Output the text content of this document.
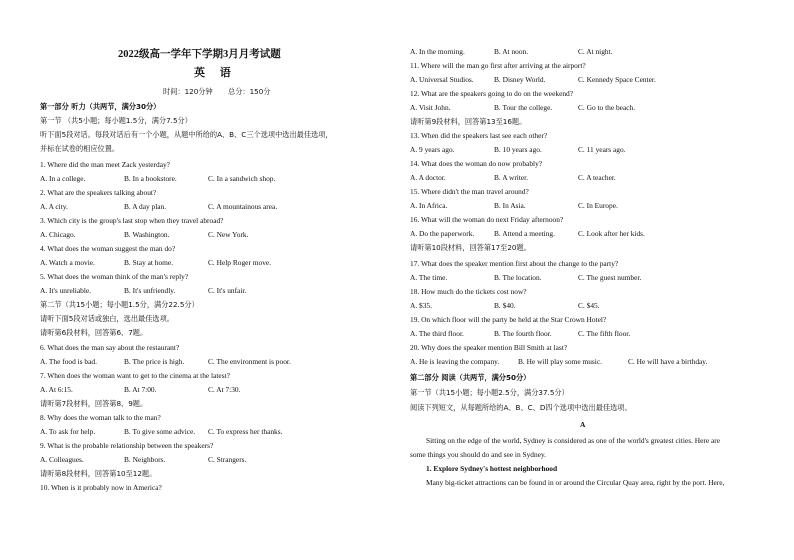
2022级高一学年下学期3月月考试题
英 语
时间：120分钟 总分：150分
第一部分 听力（共两节，满分30分）
第一节 （共5小题；每小题1.5分，满分7.5分）
听下面5段对话。每段对话后有一个小题，从题中所给的A、B、C三个选项中选出最佳选项，
并标在试卷的相应位置。
1. Where did the man meet Zack yesterday?
A. In a college.	B. In a bookstore.	C. In a sandwich shop.
2. What are the speakers talking about?
A. A city.	B. A day plan.	C. A mountainous area.
3. Which city is the group's last stop when they travel abroad?
A. Chicago.	B. Washington.	C. New York.
4. What does the woman suggest the man do?
A. Watch a movie.	B. Stay at home.	C. Help Roger move.
5. What does the woman think of the man's reply?
A. It's unreliable.	B. It's unfriendly.	C. It's unfair.
第二节（共15小题；每小题1.5分，满分22.5分）
请听下面5段对话或独白，选出最佳选项。
请听第6段材料，回答第6、7题。
6. What does the man say about the restaurant?
A. The food is bad.	B. The price is high.	C. The environment is poor.
7. When does the woman want to get to the cinema at the latest?
A. At 6:15.	B. At 7:00.	C. At 7:30.
请听第7段材料，回答第8、9题。
8. Why does the woman talk to the man?
A. To ask for help.	B. To give some advice.	C. To express her thanks.
9. What is the probable relationship between the speakers?
A. Colleagues.	B. Neighbors.	C. Strangers.
请听第8段材料，回答第10至12题。
10. When is it probably now in America?
A. In the morning.	B. At noon.	C. At night.
11. Where will the man go first after arriving at the airport?
A. Universal Studios.	B. Disney World.	C. Kennedy Space Center.
12. What are the speakers going to do on the weekend?
A. Visit John.	B. Tour the college.	C. Go to the beach.
请听第9段材料，回答第13至16题。
13. When did the speakers last see each other?
A. 9 years ago.	B. 10 years ago.	C. 11 years ago.
14. What does the woman do now probably?
A. A doctor.	B. A writer.	C. A teacher.
15. Where didn't the man travel around?
A. In Africa.	B. In Asia.	C. In Europe.
16. What will the woman do next Friday afternoon?
A. Do the paperwork.	B. Attend a meeting.	C. Look after her kids.
请听第10段材料，回答第17至20题。
17. What does the speaker mention first about the change to the party?
A. The time.	B. The location.	C. The guest number.
18. How much do the tickets cost now?
A. $35.	B. $40.	C. $45.
19. On which floor will the party be held at the Star Crown Hotel?
A. The third floor.	B. The fourth floor.	C. The fifth floor.
20. Why does the speaker mention Bill Smith at last?
A. He is leaving the company.	B. He will play some music.	C. He will have a birthday.
第二部分 阅读（共两节，满分50分）
第一节（共15小题；每小题2.5分，满分37.5分）
阅读下列短文，从每题所给的A、B、C、D四个选项中选出最佳选项。
A
Sitting on the edge of the world, Sydney is considered as one of the world's greatest cities. Here are
some things you should do and see in Sydney.
1. Explore Sydney's hottest neighborhood
Many big-ticket attractions can be found in or around the Circular Quay area, right by the port. Here,
